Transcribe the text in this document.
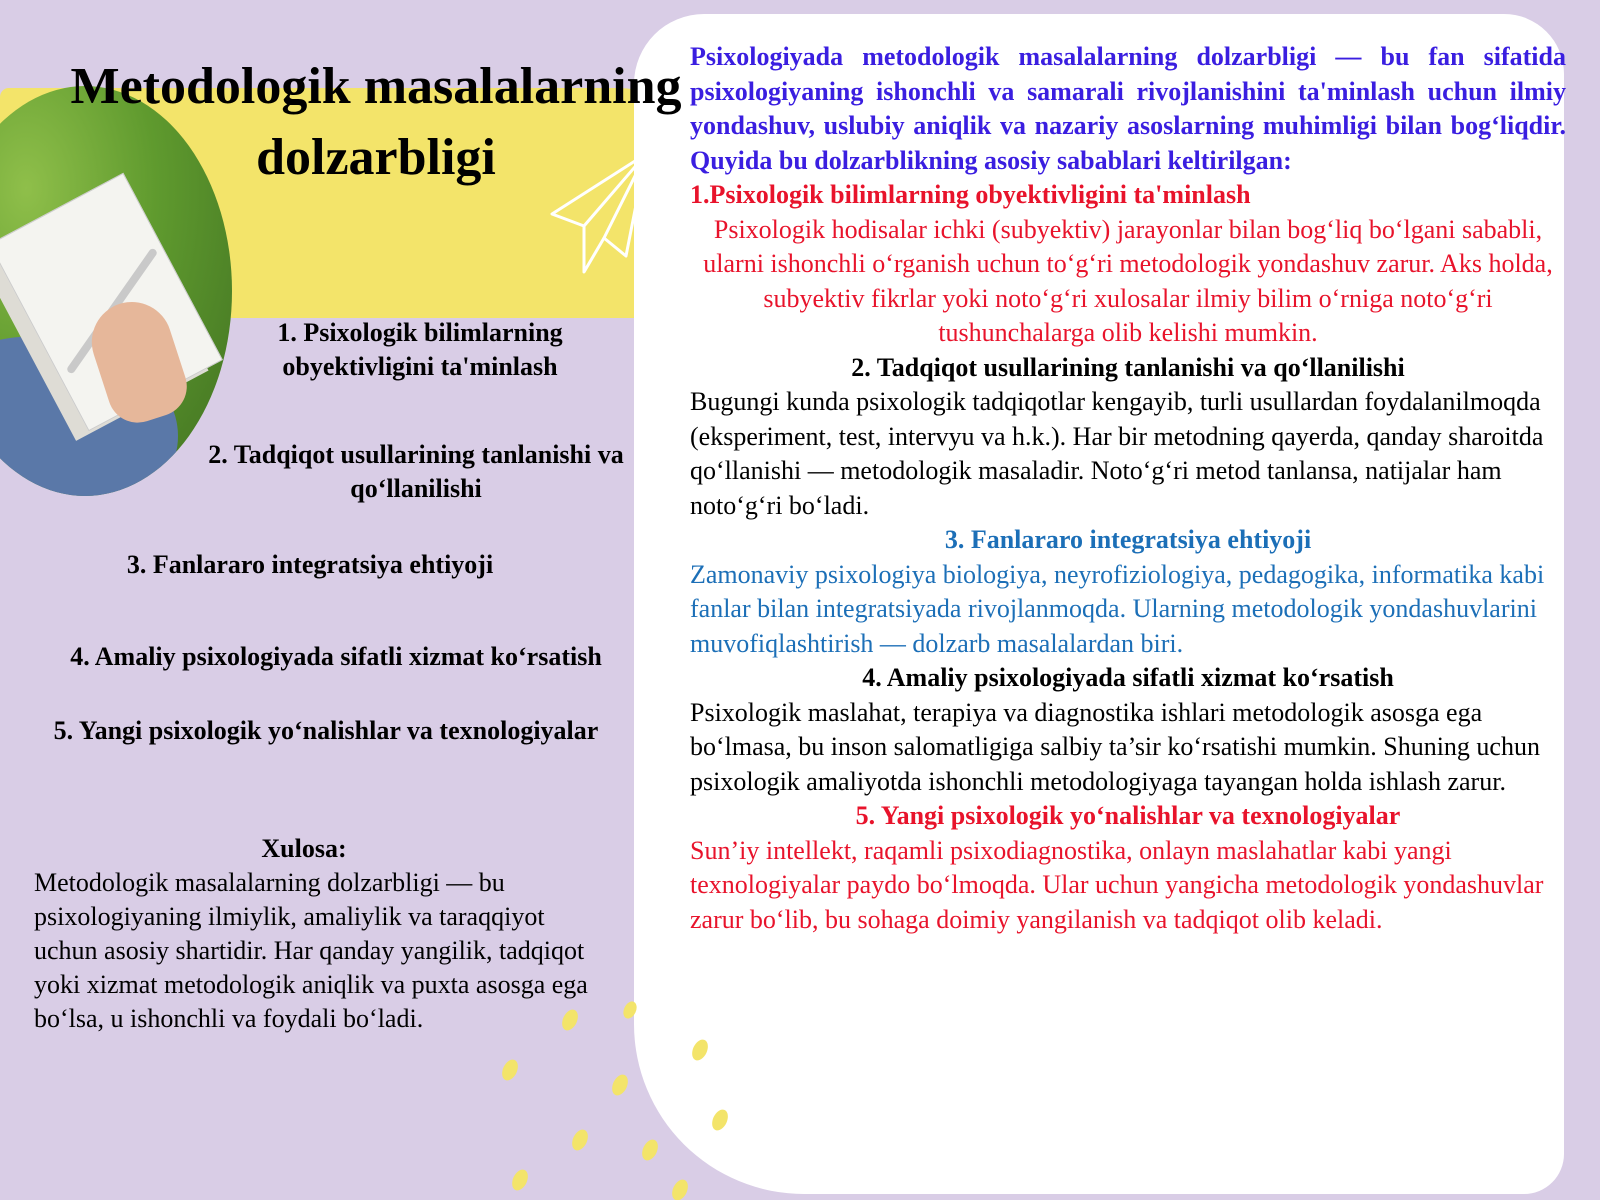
Metodologik masalalarning dolzarbligi

1. Psixologik bilimlarning obyektivligini ta'minlash

2. Tadqiqot usullarining tanlanishi va qo‘llanilishi

3. Fanlararo integratsiya ehtiyoji

4. Amaliy psixologiyada sifatli xizmat ko‘rsatish

5. Yangi psixologik yo‘nalishlar va texnologiyalar

Xulosa:

Metodologik masalalarning dolzarbligi — bu psixologiyaning ilmiylik, amaliylik va taraqqiyot uchun asosiy shartidir. Har qanday yangilik, tadqiqot yoki xizmat metodologik aniqlik va puxta asosga ega bo‘lsa, u ishonchli va foydali bo‘ladi.

Psixologiyada metodologik masalalarning dolzarbligi — bu fan sifatida psixologiyaning ishonchli va samarali rivojlanishini ta'minlash uchun ilmiy yondashuv, uslubiy aniqlik va nazariy asoslarning muhimligi bilan bog‘liqdir. Quyida bu dolzarblikning asosiy sabablari keltirilgan:

1.Psixologik bilimlarning obyektivligini ta'minlash

Psixologik hodisalar ichki (subyektiv) jarayonlar bilan bog‘liq bo‘lgani sababli, ularni ishonchli o‘rganish uchun to‘g‘ri metodologik yondashuv zarur. Aks holda, subyektiv fikrlar yoki noto‘g‘ri xulosalar ilmiy bilim o‘rniga noto‘g‘ri tushunchalarga olib kelishi mumkin.

2. Tadqiqot usullarining tanlanishi va qo‘llanilishi

Bugungi kunda psixologik tadqiqotlar kengayib, turli usullardan foydalanilmoqda (eksperiment, test, intervyu va h.k.). Har bir metodning qayerda, qanday sharoitda qo‘llanishi — metodologik masaladir. Noto‘g‘ri metod tanlansa, natijalar ham noto‘g‘ri bo‘ladi.

3. Fanlararo integratsiya ehtiyoji

Zamonaviy psixologiya biologiya, neyrofiziologiya, pedagogika, informatika kabi fanlar bilan integratsiyada rivojlanmoqda. Ularning metodologik yondashuvlarini muvofiqlashtirish — dolzarb masalalardan biri.

4. Amaliy psixologiyada sifatli xizmat ko‘rsatish

Psixologik maslahat, terapiya va diagnostika ishlari metodologik asosga ega bo‘lmasa, bu inson salomatligiga salbiy ta’sir ko‘rsatishi mumkin. Shuning uchun psixologik amaliyotda ishonchli metodologiyaga tayangan holda ishlash zarur.

5. Yangi psixologik yo‘nalishlar va texnologiyalar

Sun’iy intellekt, raqamli psixodiagnostika, onlayn maslahatlar kabi yangi texnologiyalar paydo bo‘lmoqda. Ular uchun yangicha metodologik yondashuvlar zarur bo‘lib, bu sohaga doimiy yangilanish va tadqiqot olib keladi.
